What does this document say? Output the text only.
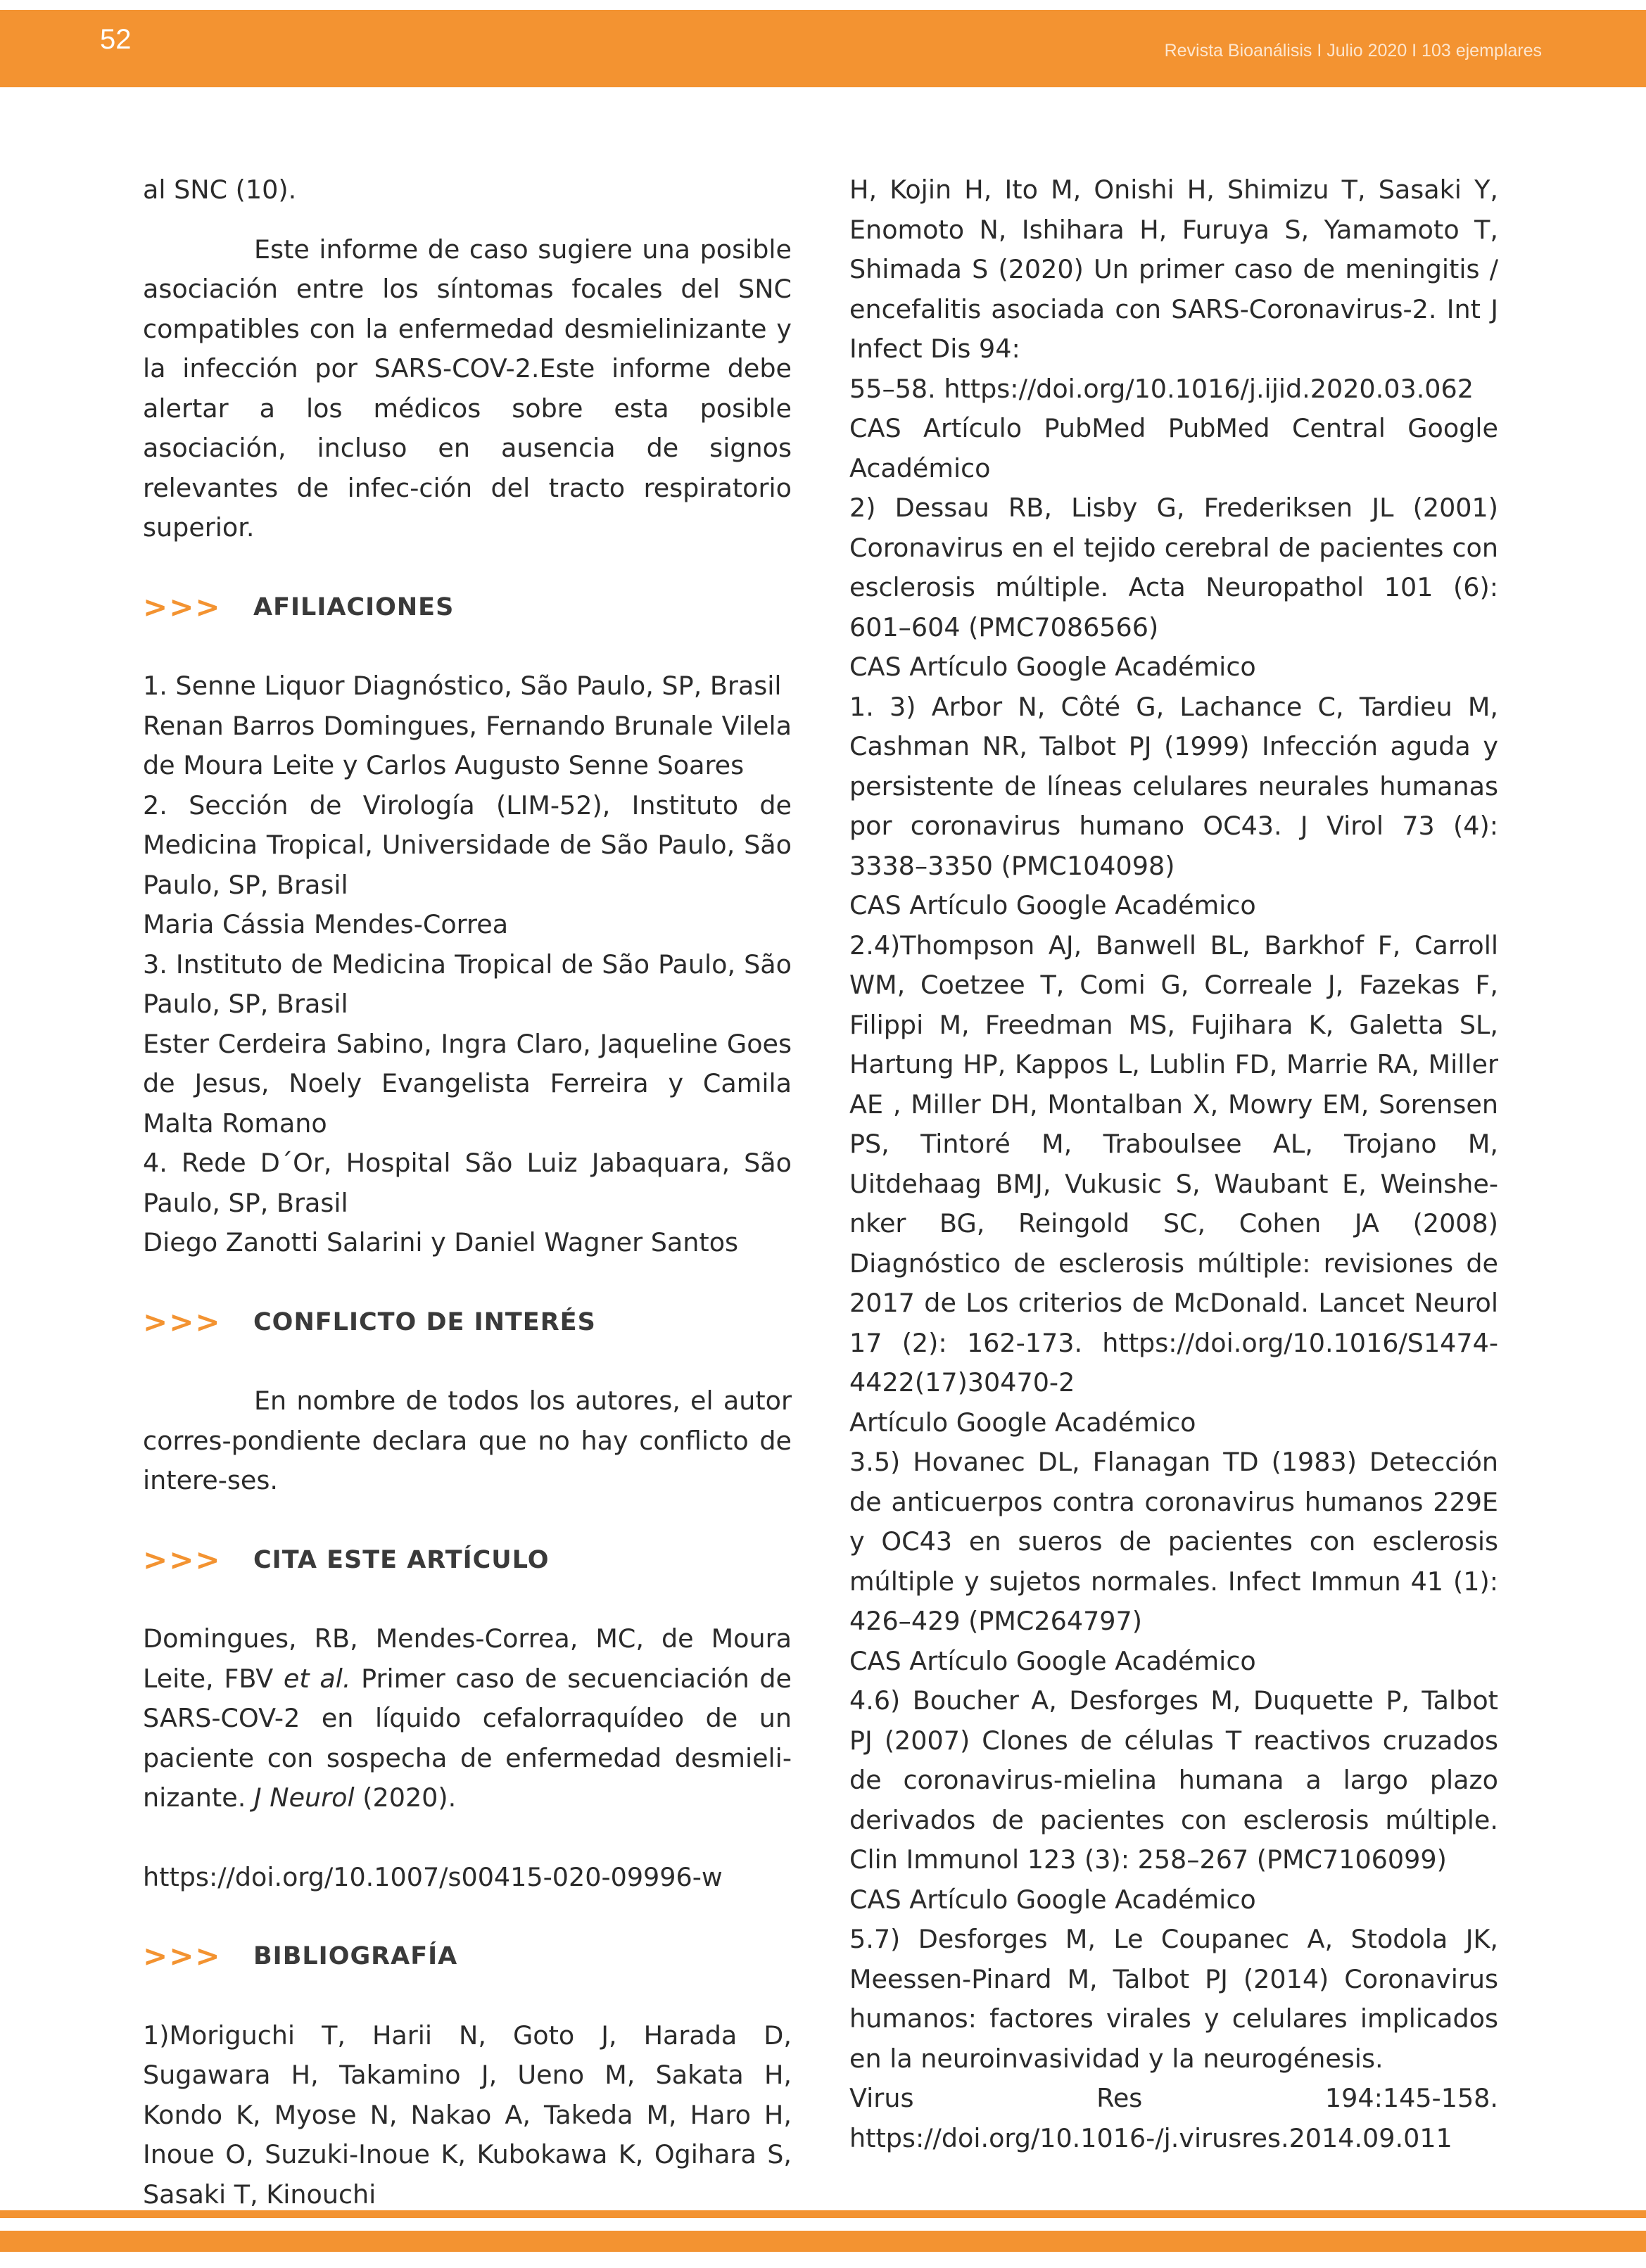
52	Revista Bioanálisis I Julio 2020 I 103 ejemplares

al SNC (10).

Este informe de caso sugiere una posible asociación entre los síntomas focales del SNC compatibles con la enfermedad desmielinizante y la infección por SARS-COV-2.Este informe debe alertar a los médicos sobre esta posible asociación, incluso en ausencia de signos relevantes de infec-ción del tracto respiratorio superior.

>>>	AFILIACIONES

1. Senne Liquor Diagnóstico, São Paulo, SP, Brasil

Renan Barros Domingues, Fernando Brunale Vilela de Moura Leite y Carlos Augusto Senne Soares

2. Sección de Virología (LIM-52), Instituto de Medicina Tropical, Universidade de São Paulo, São Paulo, SP, Brasil

Maria Cássia Mendes-Correa

3. Instituto de Medicina Tropical de São Paulo, São Paulo, SP, Brasil

Ester Cerdeira Sabino, Ingra Claro, Jaqueline Goes de Jesus, Noely Evangelista Ferreira y Camila Malta Romano

4. Rede D´Or, Hospital São Luiz Jabaquara, São Paulo, SP, Brasil

Diego Zanotti Salarini y Daniel Wagner Santos

>>>	CONFLICTO DE INTERÉS

En nombre de todos los autores, el autor corres-pondiente declara que no hay conflicto de intere-ses.

>>>	CITA ESTE ARTÍCULO

Domingues, RB, Mendes-Correa, MC, de Moura Leite, FBV et al. Primer caso de secuenciación de SARS-COV-2 en líquido cefalorraquídeo de un paciente con sospecha de enfermedad desmieli-nizante. J Neurol (2020).

https://doi.org/10.1007/s00415-020-09996-w

>>>	BIBLIOGRAFÍA

1)Moriguchi T, Harii N, Goto J, Harada D, Sugawara H, Takamino J, Ueno M, Sakata H, Kondo K, Myose N, Nakao A, Takeda M, Haro H, Inoue O, Suzuki-Inoue K, Kubokawa K, Ogihara S, Sasaki T, Kinouchi

H, Kojin H, Ito M, Onishi H, Shimizu T, Sasaki Y, Enomoto N, Ishihara H, Furuya S, Yamamoto T, Shimada S (2020) Un primer caso de meningitis / encefalitis asociada con SARS-Coronavirus-2. Int J Infect Dis 94:

55–58. https://doi.org/10.1016/j.ijid.2020.03.062

CAS Artículo PubMed PubMed Central Google Académico

2) Dessau RB, Lisby G, Frederiksen JL (2001) Coronavirus en el tejido cerebral de pacientes con esclerosis múltiple. Acta Neuropathol 101 (6): 601–604 (PMC7086566)

CAS Artículo Google Académico

1. 3) Arbor N, Côté G, Lachance C, Tardieu M, Cashman NR, Talbot PJ (1999) Infección aguda y persistente de líneas celulares neurales humanas por coronavirus humano OC43. J Virol 73 (4): 3338–3350 (PMC104098)

CAS Artículo Google Académico

2.4)Thompson AJ, Banwell BL, Barkhof F, Carroll WM, Coetzee T, Comi G, Correale J, Fazekas F, Filippi M, Freedman MS, Fujihara K, Galetta SL, Hartung HP, Kappos L, Lublin FD, Marrie RA, Miller AE , Miller DH, Montalban X, Mowry EM, Sorensen PS, Tintoré M, Traboulsee AL, Trojano M, Uitdehaag BMJ, Vukusic S, Waubant E, Weinshe-nker BG, Reingold SC, Cohen JA (2008) Diagnóstico de esclerosis múltiple: revisiones de 2017 de Los criterios de McDonald. Lancet Neurol 17 (2): 162-173. https://doi.org/10.1016/S1474-4422(17)30470-2

Artículo Google Académico

3.5) Hovanec DL, Flanagan TD (1983) Detección de anticuerpos contra coronavirus humanos 229E y OC43 en sueros de pacientes con esclerosis múltiple y sujetos normales. Infect Immun 41 (1): 426–429 (PMC264797)

CAS Artículo Google Académico

4.6) Boucher A, Desforges M, Duquette P, Talbot PJ (2007) Clones de células T reactivos cruzados de coronavirus-mielina humana a largo plazo derivados de pacientes con esclerosis múltiple. Clin Immunol 123 (3): 258–267 (PMC7106099)

CAS Artículo Google Académico

5.7) Desforges M, Le Coupanec A, Stodola JK, Meessen-Pinard M, Talbot PJ (2014) Coronavirus humanos: factores virales y celulares implicados en la neuroinvasividad y la neurogénesis.

Virus Res 194:145-158. https://doi.org/10.1016-/j.virusres.2014.09.011
